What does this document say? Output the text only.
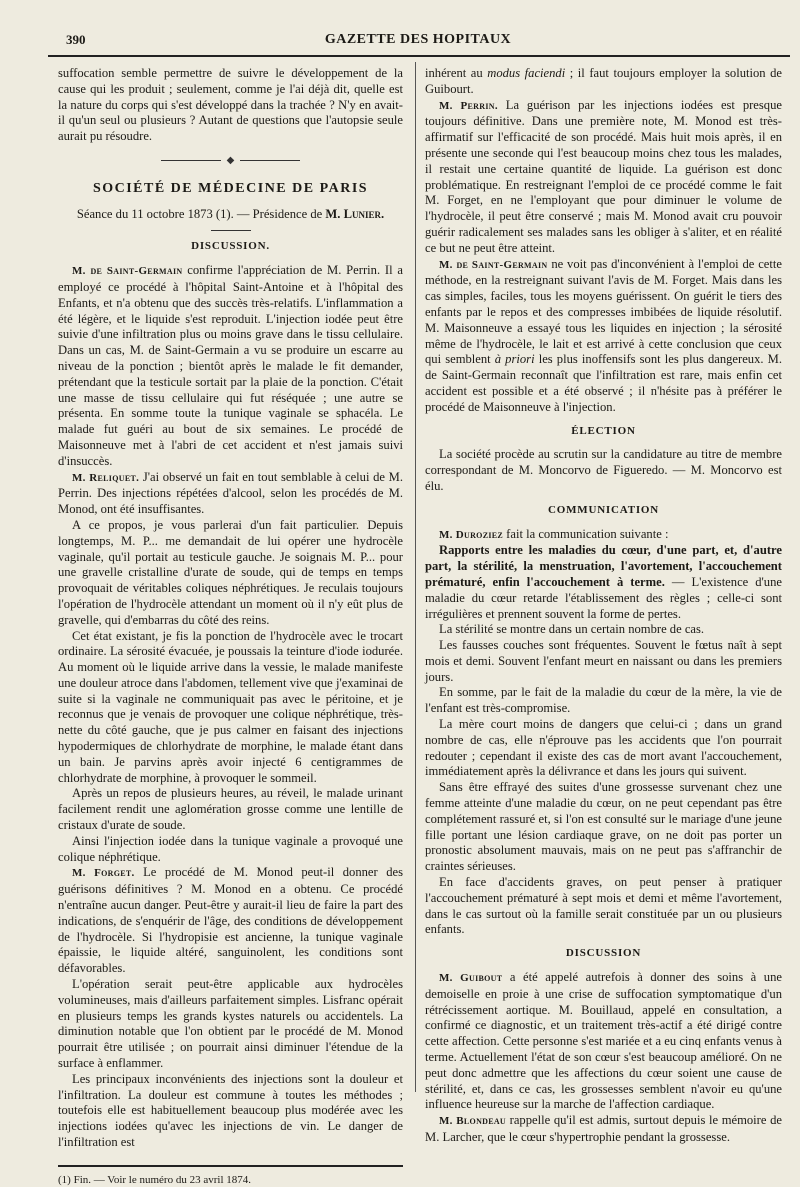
390	GAZETTE DES HOPITAUX

suffocation semble permettre de suivre le développement de la cause qui les produit ; seulement, comme je l'ai déjà dit, quelle est la nature du corps qui s'est développé dans la trachée ? N'y en avait-il qu'un seul ou plusieurs ? Autant de questions que l'autopsie seule aurait pu résoudre.

◆
SOCIÉTÉ DE MÉDECINE DE PARIS
Séance du 11 octobre 1873 (1). — Présidence de M. Lunier.
DISCUSSION.

M. de Saint-Germain confirme l'appréciation de M. Perrin. Il a employé ce procédé à l'hôpital Saint-Antoine et à l'hôpital des Enfants, et n'a obtenu que des succès très-relatifs. L'inflammation a été légère, et le liquide s'est reproduit. L'injection iodée peut être suivie d'une infiltration plus ou moins grave dans le tissu cellulaire. Dans un cas, M. de Saint-Germain a vu se produire un escarre au niveau de la ponction ; bientôt après le malade le fit demander, prétendant que la testicule sortait par la plaie de la ponction. C'était une masse de tissu cellulaire qui fut réséquée ; une autre se présenta. En somme toute la tunique vaginale se sphacéla. Le malade fut guéri au bout de six semaines. Le procédé de Maisonneuve met à l'abri de cet accident et n'est jamais suivi d'insuccès.

M. Reliquet. J'ai observé un fait en tout semblable à celui de M. Perrin. Des injections répétées d'alcool, selon les procédés de M. Monod, ont été insuffisantes.

A ce propos, je vous parlerai d'un fait particulier. Depuis longtemps, M. P... me demandait de lui opérer une hydrocèle vaginale, qu'il portait au testicule gauche. Je soignais M. P... pour une gravelle cristalline d'urate de soude, qui de temps en temps provoquait de véritables coliques néphrétiques. Je reculais toujours l'opération de l'hydrocèle attendant un moment où il n'y eût plus de gravelle, qui d'embarras du côté des reins.

Cet état existant, je fis la ponction de l'hydrocèle avec le trocart ordinaire. La sérosité évacuée, je poussais la teinture d'iode iodurée. Au moment où le liquide arrive dans la vessie, le malade manifeste une douleur atroce dans l'abdomen, tellement vive que j'examinai de suite si la vaginale ne communiquait pas avec le péritoine, et je reconnus que je venais de provoquer une colique néphrétique, très-nette du côté gauche, que je pus calmer en faisant des injections hypodermiques de chlorhydrate de morphine, le malade étant dans un bain. Je parvins après avoir injecté 6 centigrammes de chlorhydrate de morphine, à provoquer le sommeil.

Après un repos de plusieurs heures, au réveil, le malade urinant facilement rendit une aglomération grosse comme une lentille de cristaux d'urate de soude.

Ainsi l'injection iodée dans la tunique vaginale a provoqué une colique néphrétique.

M. Forget. Le procédé de M. Monod peut-il donner des guérisons définitives ? M. Monod en a obtenu. Ce procédé n'entraîne aucun danger. Peut-être y aurait-il lieu de faire la part des indications, de s'enquérir de l'âge, des conditions de développement de l'hydrocèle. Si l'hydropisie est ancienne, la tunique vaginale épaissie, le liquide altéré, sanguinolent, les conditions sont défavorables.

L'opération serait peut-être applicable aux hydrocèles volumineuses, mais d'ailleurs parfaitement simples. Lisfranc opérait en plusieurs temps les grands kystes naturels ou accidentels. La diminution notable que l'on obtient par le procédé de M. Monod pourrait être utilisée ; on pourrait ainsi diminuer l'étendue de la surface à enflammer.

Les principaux inconvénients des injections sont la douleur et l'infiltration. La douleur est commune à toutes les méthodes ; toutefois elle est habituellement beaucoup plus modérée avec les injections iodées qu'avec les injections de vin. Le danger de l'infiltration est

(1) Fin. — Voir le numéro du 23 avril 1874.

inhérent au modus faciendi ; il faut toujours employer la solution de Guibourt.

M. Perrin. La guérison par les injections iodées est presque toujours définitive. Dans une première note, M. Monod est très-affirmatif sur l'efficacité de son procédé. Mais huit mois après, il en présente une seconde qui l'est beaucoup moins chez tous les malades, il restait une certaine quantité de liquide. La guérison est donc problématique. En restreignant l'emploi de ce procédé comme le fait M. Forget, en ne l'employant que pour diminuer le volume de l'hydrocèle, il peut être conservé ; mais M. Monod avait cru pouvoir guérir radicalement ses malades sans les obliger à s'aliter, et en réalité ce but ne peut être atteint.

M. de Saint-Germain ne voit pas d'inconvénient à l'emploi de cette méthode, en la restreignant suivant l'avis de M. Forget. Mais dans les cas simples, faciles, tous les moyens guérissent. On guérit le tiers des enfants par le repos et des compresses imbibées de liquide résolutif. M. Maisonneuve a essayé tous les liquides en injection ; la sérosité même de l'hydrocèle, le lait et est arrivé à cette conclusion que ceux qui semblent à priori les plus inoffensifs sont les plus dangereux. M. de Saint-Germain reconnaît que l'infiltration est rare, mais enfin cet accident est possible et a été observé ; il n'hésite pas à préférer le procédé de Maisonneuve à l'injection.

ÉLECTION

La société procède au scrutin sur la candidature au titre de membre correspondant de M. Moncorvo de Figueredo. — M. Moncorvo est élu.

COMMUNICATION

M. Duroziez fait la communication suivante :

Rapports entre les maladies du cœur, d'une part, et, d'autre part, la stérilité, la menstruation, l'avortement, l'accouchement prématuré, enfin l'accouchement à terme. — L'existence d'une maladie du cœur retarde l'établissement des règles ; celle-ci sont irrégulières et prennent souvent la forme de pertes.

La stérilité se montre dans un certain nombre de cas.

Les fausses couches sont fréquentes. Souvent le fœtus naît à sept mois et demi. Souvent l'enfant meurt en naissant ou dans les premiers jours.

En somme, par le fait de la maladie du cœur de la mère, la vie de l'enfant est très-compromise.

La mère court moins de dangers que celui-ci ; dans un grand nombre de cas, elle n'éprouve pas les accidents que l'on pourrait redouter ; cependant il existe des cas de mort avant l'accouchement, immédiatement après la délivrance et dans les jours qui suivent.

Sans être effrayé des suites d'une grossesse survenant chez une femme atteinte d'une maladie du cœur, on ne peut cependant pas être complétement rassuré et, si l'on est consulté sur le mariage d'une jeune fille portant une lésion cardiaque grave, on ne doit pas porter un pronostic absolument mauvais, mais on ne peut pas s'affranchir de craintes sérieuses.

En face d'accidents graves, on peut penser à pratiquer l'accouchement prématuré à sept mois et demi et même l'avortement, dans le cas surtout où la famille serait constituée par un ou plusieurs enfants.

DISCUSSION

M. Guibout a été appelé autrefois à donner des soins à une demoiselle en proie à une crise de suffocation symptomatique d'un rétrécissement aortique. M. Bouillaud, appelé en consultation, a confirmé ce diagnostic, et un traitement très-actif a été dirigé contre cette affection. Cette personne s'est mariée et a eu cinq enfants venus à terme. Actuellement l'état de son cœur s'est beaucoup amélioré. On ne peut donc admettre que les affections du cœur soient une cause de stérilité, et, dans ce cas, les grossesses semblent n'avoir eu qu'une influence heureuse sur la marche de l'affection cardiaque.

M. Blondeau rappelle qu'il est admis, surtout depuis le mémoire de M. Larcher, que le cœur s'hypertrophie pendant la grossesse.
